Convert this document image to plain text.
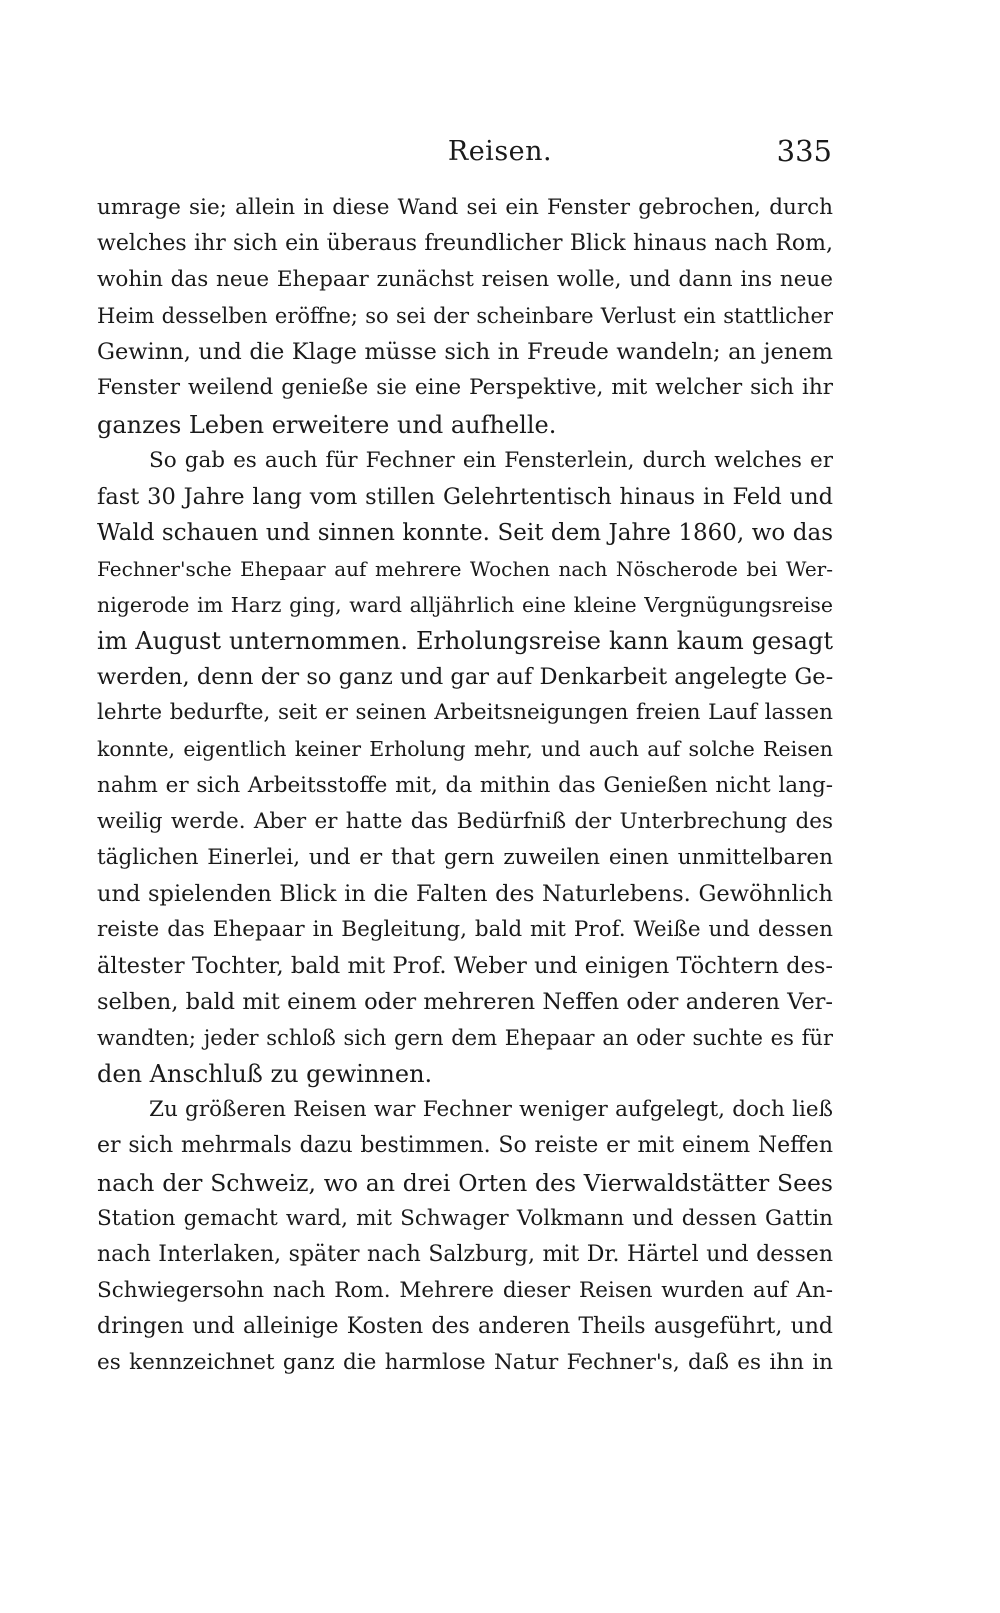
Reisen.	335
umrage sie; allein in diese Wand sei ein Fenster gebrochen, durch
welches ihr sich ein überaus freundlicher Blick hinaus nach Rom,
wohin das neue Ehepaar zunächst reisen wolle, und dann ins neue
Heim desselben eröffne; so sei der scheinbare Verlust ein stattlicher
Gewinn, und die Klage müsse sich in Freude wandeln; an jenem
Fenster weilend genieße sie eine Perspektive, mit welcher sich ihr
ganzes Leben erweitere und aufhelle.
So gab es auch für Fechner ein Fensterlein, durch welches er
fast 30 Jahre lang vom stillen Gelehrtentisch hinaus in Feld und
Wald schauen und sinnen konnte. Seit dem Jahre 1860, wo das
Fechner'sche Ehepaar auf mehrere Wochen nach Nöscherode bei Wer-
nigerode im Harz ging, ward alljährlich eine kleine Vergnügungsreise
im August unternommen. Erholungsreise kann kaum gesagt
werden, denn der so ganz und gar auf Denkarbeit angelegte Ge-
lehrte bedurfte, seit er seinen Arbeitsneigungen freien Lauf lassen
konnte, eigentlich keiner Erholung mehr, und auch auf solche Reisen
nahm er sich Arbeitsstoffe mit, da mithin das Genießen nicht lang-
weilig werde. Aber er hatte das Bedürfniß der Unterbrechung des
täglichen Einerlei, und er that gern zuweilen einen unmittelbaren
und spielenden Blick in die Falten des Naturlebens. Gewöhnlich
reiste das Ehepaar in Begleitung, bald mit Prof. Weiße und dessen
ältester Tochter, bald mit Prof. Weber und einigen Töchtern des-
selben, bald mit einem oder mehreren Neffen oder anderen Ver-
wandten; jeder schloß sich gern dem Ehepaar an oder suchte es für
den Anschluß zu gewinnen.
Zu größeren Reisen war Fechner weniger aufgelegt, doch ließ
er sich mehrmals dazu bestimmen. So reiste er mit einem Neffen
nach der Schweiz, wo an drei Orten des Vierwaldstätter Sees
Station gemacht ward, mit Schwager Volkmann und dessen Gattin
nach Interlaken, später nach Salzburg, mit Dr. Härtel und dessen
Schwiegersohn nach Rom. Mehrere dieser Reisen wurden auf An-
dringen und alleinige Kosten des anderen Theils ausgeführt, und
es kennzeichnet ganz die harmlose Natur Fechner's, daß es ihn in
